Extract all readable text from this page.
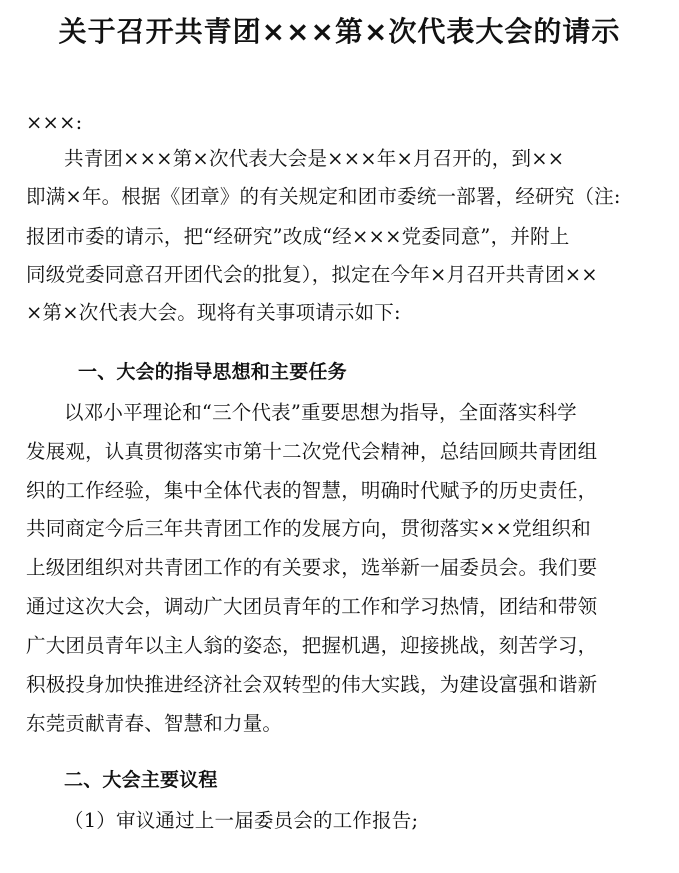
关于召开共青团×××第×次代表大会的请示
×××:
共青团×××第×次代表大会是×××年×月召开的，到××
即满×年。根据《团章》的有关规定和团市委统一部署，经研究（注:
报团市委的请示，把“经研究”改成“经×××党委同意”，并附上
同级党委同意召开团代会的批复），拟定在今年×月召开共青团××
×第×次代表大会。现将有关事项请示如下:
一、大会的指导思想和主要任务
以邓小平理论和“三个代表”重要思想为指导，全面落实科学
发展观，认真贯彻落实市第十二次党代会精神，总结回顾共青团组
织的工作经验，集中全体代表的智慧，明确时代赋予的历史责任，
共同商定今后三年共青团工作的发展方向，贯彻落实××党组织和
上级团组织对共青团工作的有关要求，选举新一届委员会。我们要
通过这次大会，调动广大团员青年的工作和学习热情，团结和带领
广大团员青年以主人翁的姿态，把握机遇，迎接挑战，刻苦学习，
积极投身加快推进经济社会双转型的伟大实践，为建设富强和谐新
东莞贡献青春、智慧和力量。
二、大会主要议程
（1）审议通过上一届委员会的工作报告;
